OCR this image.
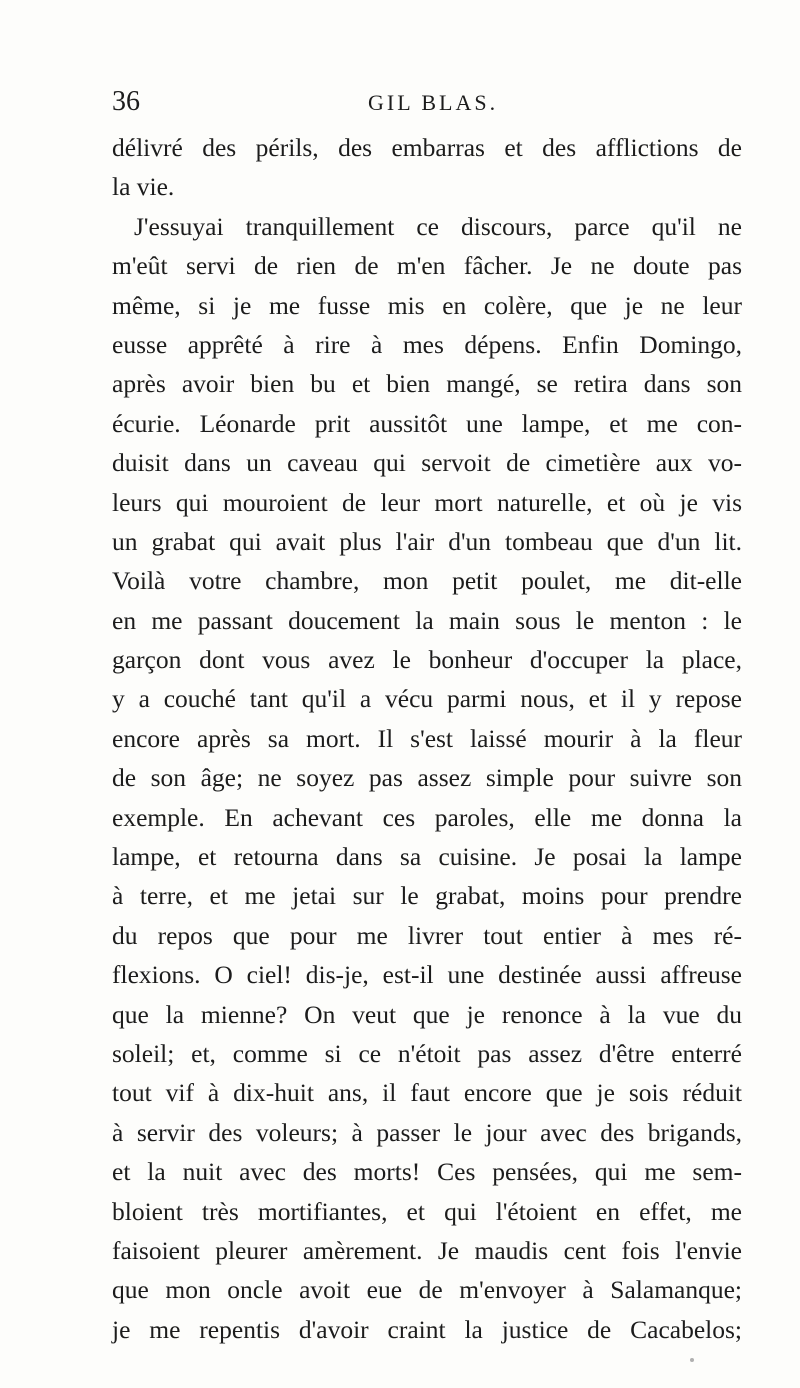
36	GIL BLAS.
délivré des périls, des embarras et des afflictions de
la vie.
J'essuyai tranquillement ce discours, parce qu'il ne
m'eût servi de rien de m'en fâcher. Je ne doute pas
même, si je me fusse mis en colère, que je ne leur
eusse apprêté à rire à mes dépens. Enfin Domingo,
après avoir bien bu et bien mangé, se retira dans son
écurie. Léonarde prit aussitôt une lampe, et me con-
duisit dans un caveau qui servoit de cimetière aux vo-
leurs qui mouroient de leur mort naturelle, et où je vis
un grabat qui avait plus l'air d'un tombeau que d'un lit.
Voilà votre chambre, mon petit poulet, me dit-elle
en me passant doucement la main sous le menton : le
garçon dont vous avez le bonheur d'occuper la place,
y a couché tant qu'il a vécu parmi nous, et il y repose
encore après sa mort. Il s'est laissé mourir à la fleur
de son âge; ne soyez pas assez simple pour suivre son
exemple. En achevant ces paroles, elle me donna la
lampe, et retourna dans sa cuisine. Je posai la lampe
à terre, et me jetai sur le grabat, moins pour prendre
du repos que pour me livrer tout entier à mes ré-
flexions. O ciel! dis-je, est-il une destinée aussi affreuse
que la mienne? On veut que je renonce à la vue du
soleil; et, comme si ce n'étoit pas assez d'être enterré
tout vif à dix-huit ans, il faut encore que je sois réduit
à servir des voleurs; à passer le jour avec des brigands,
et la nuit avec des morts! Ces pensées, qui me sem-
bloient très mortifiantes, et qui l'étoient en effet, me
faisoient pleurer amèrement. Je maudis cent fois l'envie
que mon oncle avoit eue de m'envoyer à Salamanque;
je me repentis d'avoir craint la justice de Cacabelos;
